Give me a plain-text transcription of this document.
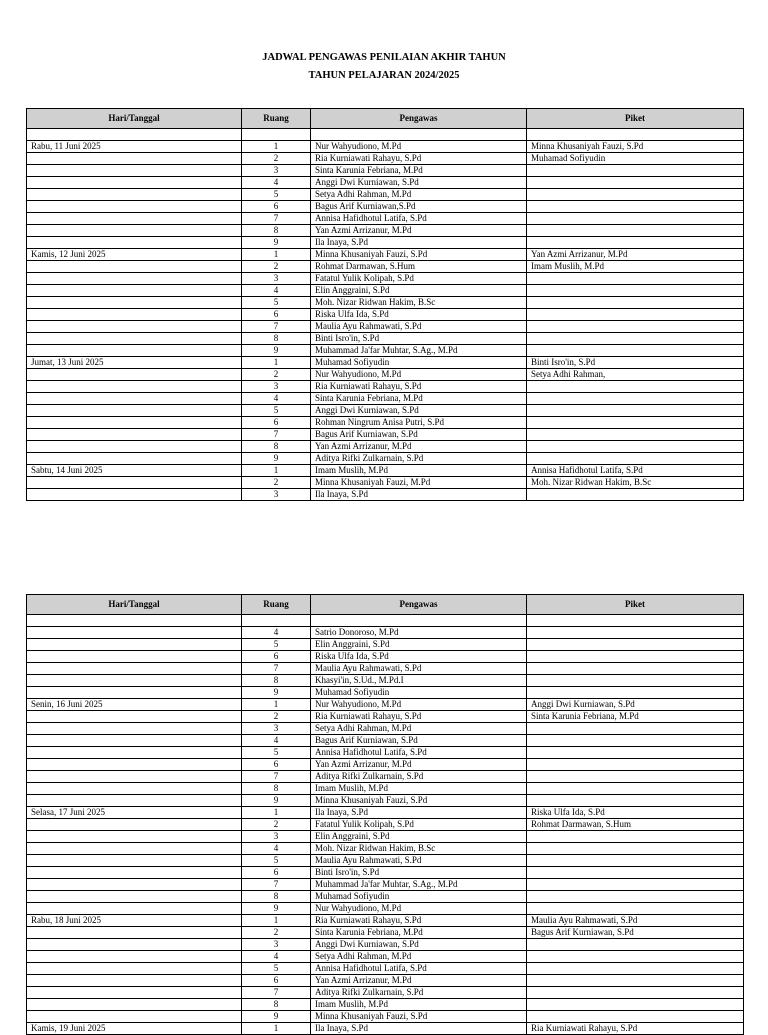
JADWAL PENGAWAS PENILAIAN AKHIR TAHUN
TAHUN PELAJARAN 2024/2025
Hari/Tanggal	Ruang	Pengawas	Piket

Rabu, 11 Juni 2025	1	Nur Wahyudiono, M.Pd	Minna Khusaniyah Fauzi, S.Pd
	2	Ria Kurniawati Rahayu, S.Pd	Muhamad Sofiyudin
	3	Sinta Karunia Febriana, M.Pd	
	4	Anggi Dwi Kurniawan, S.Pd	
	5	Setya Adhi Rahman, M.Pd	
	6	Bagus Arif Kurniawan,S.Pd	
	7	Annisa Hafidhotul Latifa, S.Pd	
	8	Yan Azmi Arrizanur, M.Pd	
	9	Ila Inaya, S.Pd	
Kamis, 12 Juni 2025	1	Minna Khusaniyah Fauzi, S.Pd	Yan Azmi Arrizanur, M.Pd
	2	Rohmat Darmawan, S.Hum	Imam Muslih, M.Pd
	3	Fatatul Yulik Kolipah, S.Pd	
	4	Elin Anggraini, S.Pd	
	5	Moh. Nizar Ridwan Hakim, B.Sc	
	6	Riska Ulfa Ida, S.Pd	
	7	Maulia Ayu Rahmawati, S.Pd	
	8	Binti Isro'in, S.Pd	
	9	Muhammad Ja'far Muhtar, S.Ag., M.Pd	
Jumat, 13 Juni 2025	1	Muhamad Sofiyudin	Binti Isro'in, S.Pd
	2	Nur Wahyudiono, M.Pd	Setya Adhi Rahman,
	3	Ria Kurniawati Rahayu, S.Pd	
	4	Sinta Karunia Febriana, M.Pd	
	5	Anggi Dwi Kurniawan, S.Pd	
	6	Rohman Ningrum Anisa Putri, S.Pd	
	7	Bagus Arif Kurniawan, S.Pd	
	8	Yan Azmi Arrizanur, M.Pd	
	9	Aditya Rifki Zulkarnain, S.Pd	
Sabtu, 14 Juni 2025	1	Imam Muslih, M.Pd	Annisa Hafidhotul Latifa, S.Pd
	2	Minna Khusaniyah Fauzi, M.Pd	Moh. Nizar Ridwan Hakim, B.Sc
	3	Ila Inaya, S.Pd	
Hari/Tanggal	Ruang	Pengawas	Piket

	4	Satrio Donoroso, M.Pd	
	5	Elin Anggraini, S.Pd	
	6	Riska Ulfa Ida, S.Pd	
	7	Maulia Ayu Rahmawati, S.Pd	
	8	Khasyi'in, S.Ud., M.Pd.I	
	9	Muhamad Sofiyudin	
Senin, 16 Juni 2025	1	Nur Wahyudiono, M.Pd	Anggi Dwi Kurniawan, S.Pd
	2	Ria Kurniawati Rahayu, S.Pd	Sinta Karunia Febriana, M.Pd
	3	Setya Adhi Rahman, M.Pd	
	4	Bagus Arif Kurniawan, S.Pd	
	5	Annisa Hafidhotul Latifa, S.Pd	
	6	Yan Azmi Arrizanur, M.Pd	
	7	Aditya Rifki Zulkarnain, S.Pd	
	8	Imam Muslih, M.Pd	
	9	Minna Khusaniyah Fauzi, S.Pd	
Selasa, 17 Juni 2025	1	Ila Inaya, S.Pd	Riska Ulfa Ida, S.Pd
	2	Fatatul Yulik Kolipah, S.Pd	Rohmat Darmawan, S.Hum
	3	Elin Anggraini, S.Pd	
	4	Moh. Nizar Ridwan Hakim, B.Sc	
	5	Maulia Ayu Rahmawati, S.Pd	
	6	Binti Isro'in, S.Pd	
	7	Muhammad Ja'far Muhtar, S.Ag., M.Pd	
	8	Muhamad Sofiyudin	
	9	Nur Wahyudiono, M.Pd	
Rabu, 18 Juni 2025	1	Ria Kurniawati Rahayu, S.Pd	Maulia Ayu Rahmawati, S.Pd
	2	Sinta Karunia Febriana, M.Pd	Bagus Arif Kurniawan, S.Pd
	3	Anggi Dwi Kurniawan, S.Pd	
	4	Setya Adhi Rahman, M.Pd	
	5	Annisa Hafidhotul Latifa, S.Pd	
	6	Yan Azmi Arrizanur, M.Pd	
	7	Aditya Rifki Zulkarnain, S.Pd	
	8	Imam Muslih, M.Pd	
	9	Minna Khusaniyah Fauzi, S.Pd	
Kamis, 19 Juni 2025	1	Ila Inaya, S.Pd	Ria Kurniawati Rahayu, S.Pd
